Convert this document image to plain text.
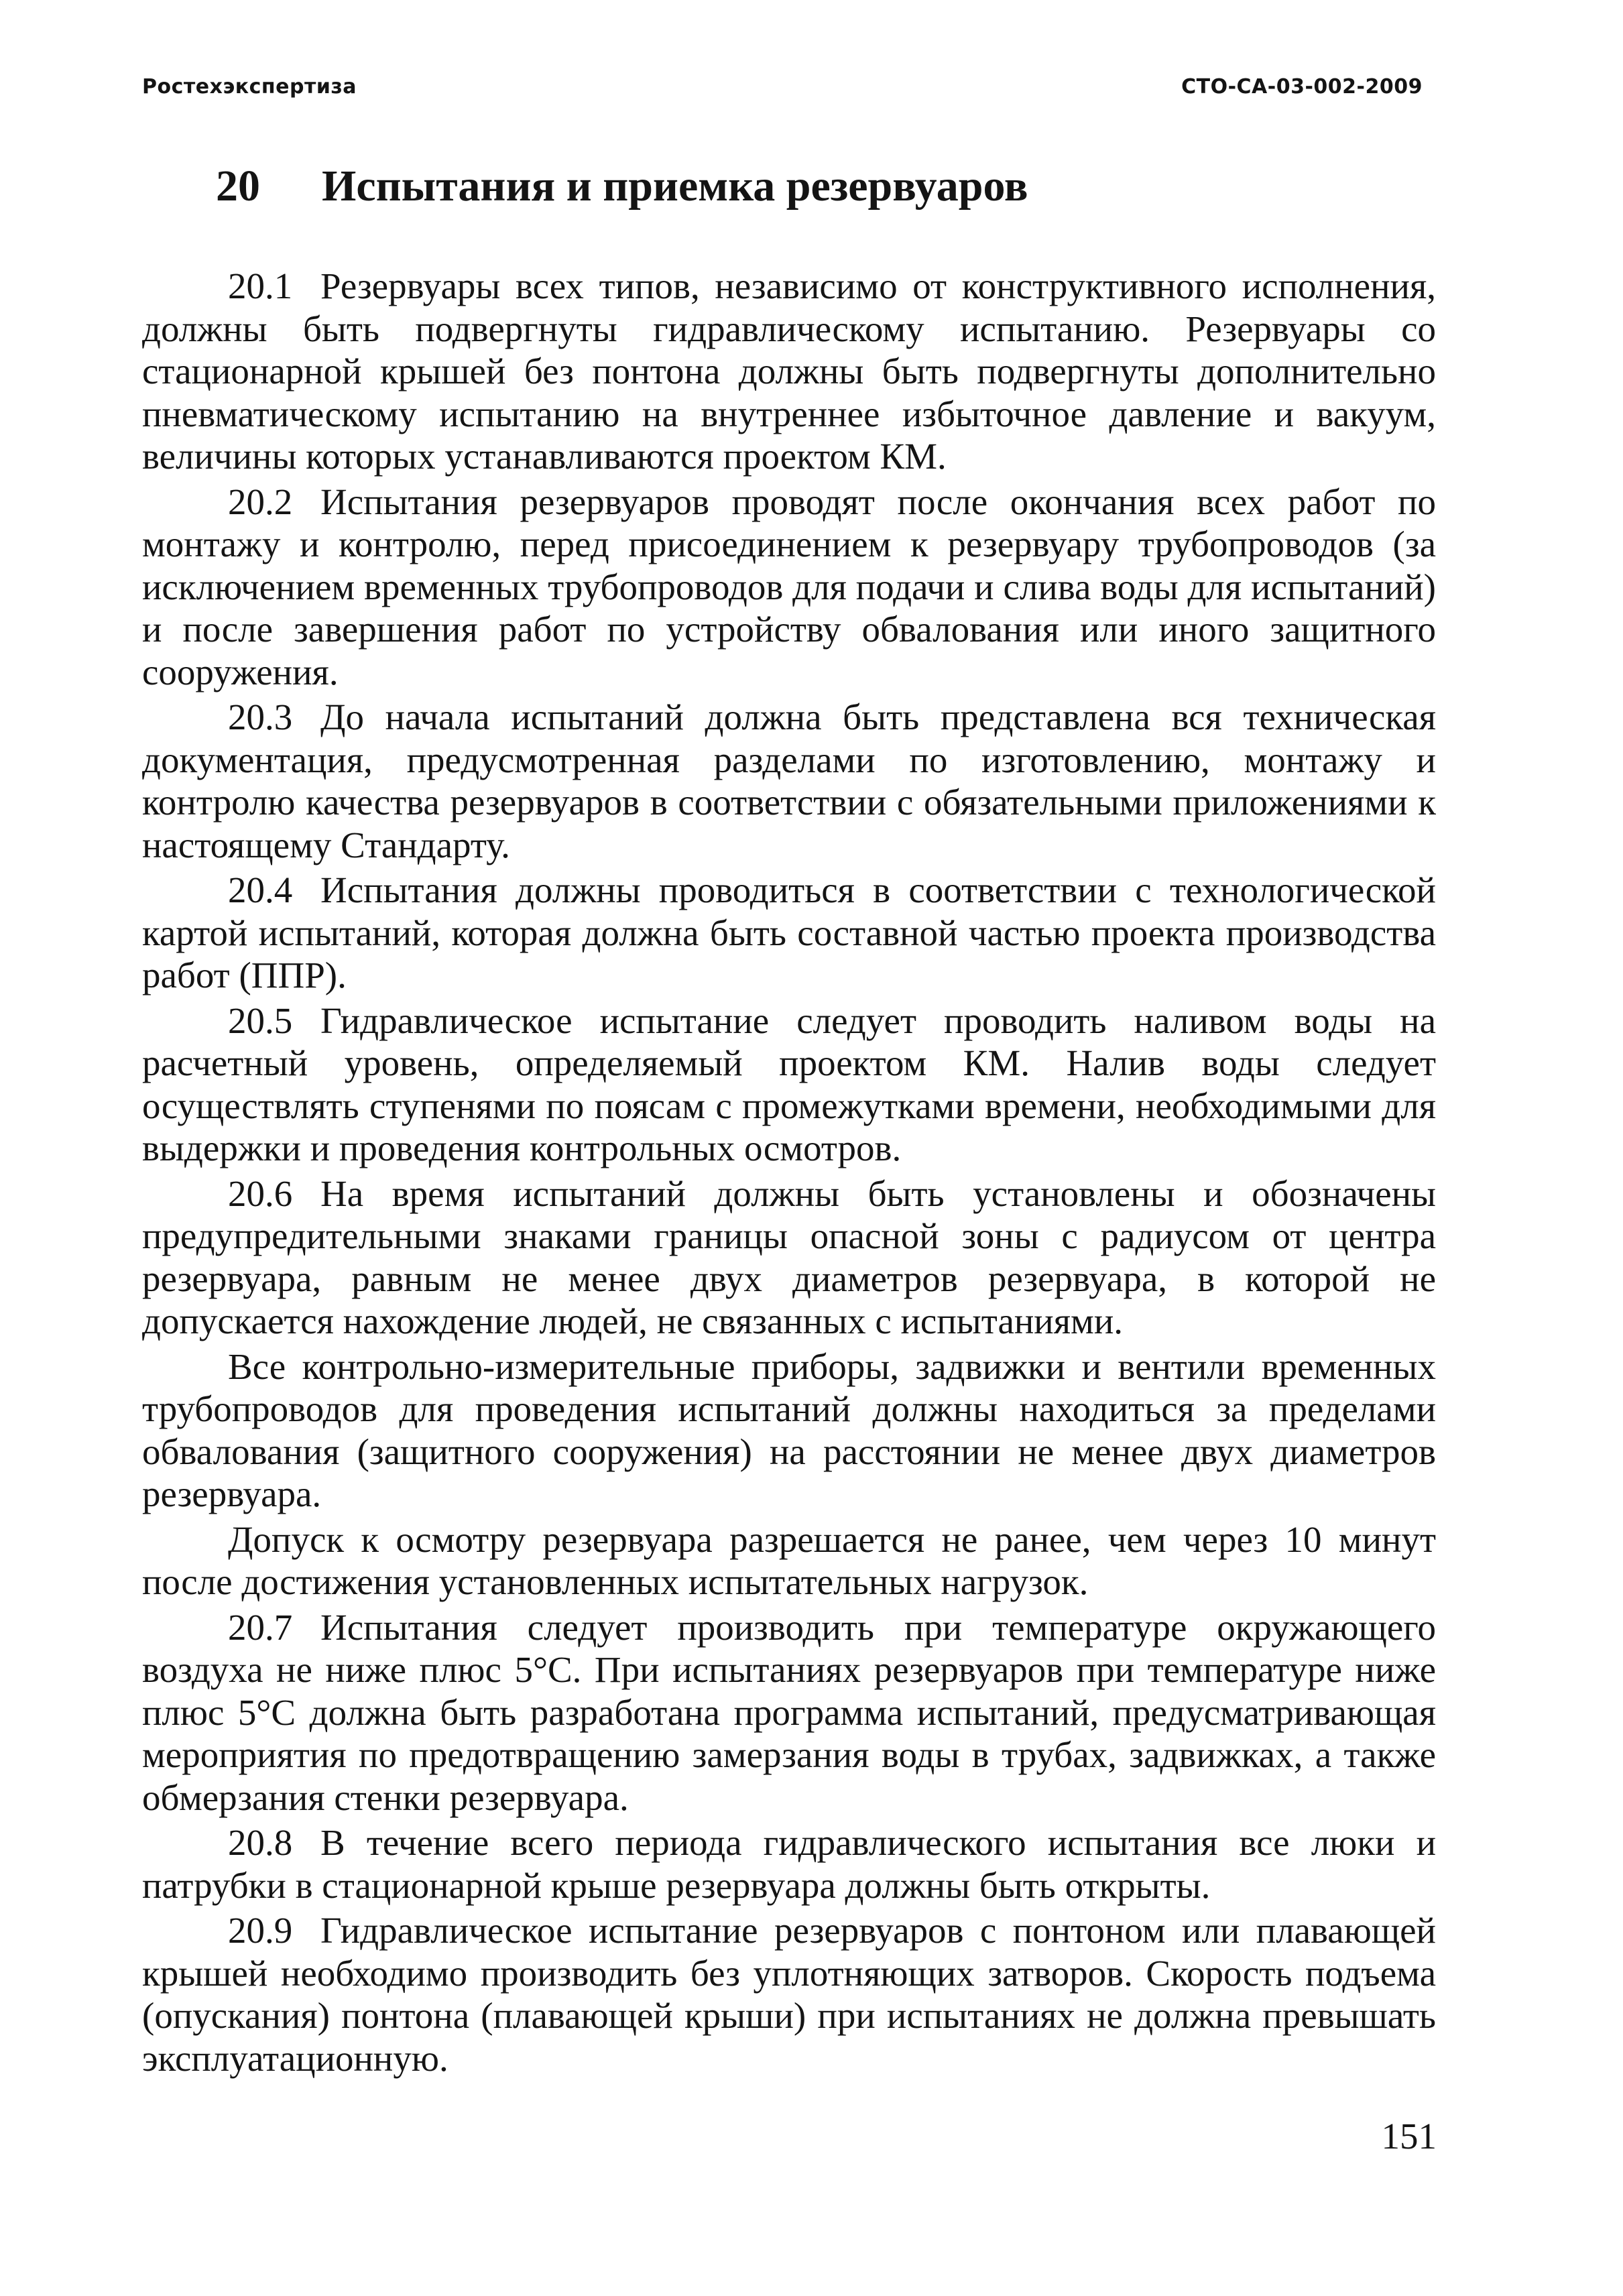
Ростехэкспертиза	СТО-СА-03-002-2009
20 Испытания и приемка резервуаров

20.1 Резервуары всех типов, независимо от конструктивного исполнения, должны быть подвергнуты гидравлическому испытанию. Резервуары со стационарной крышей без понтона должны быть подвергнуты дополнительно пневматическому испытанию на внутреннее избыточное давление и вакуум, величины которых устанавливаются проектом КМ.

20.2 Испытания резервуаров проводят после окончания всех работ по монтажу и контролю, перед присоединением к резервуару трубопроводов (за исключением временных трубопроводов для подачи и слива воды для испытаний) и после завершения работ по устройству обвалования или иного защитного сооружения.

20.3 До начала испытаний должна быть представлена вся техническая документация, предусмотренная разделами по изготовлению, монтажу и контролю качества резервуаров в соответствии с обязательными приложениями к настоящему Стандарту.

20.4 Испытания должны проводиться в соответствии с технологической картой испытаний, которая должна быть составной частью проекта производства работ (ППР).

20.5 Гидравлическое испытание следует проводить наливом воды на расчетный уровень, определяемый проектом КМ. Налив воды следует осуществлять ступенями по поясам с промежутками времени, необходимыми для выдержки и проведения контрольных осмотров.

20.6 На время испытаний должны быть установлены и обозначены предупредительными знаками границы опасной зоны с радиусом от центра резервуара, равным не менее двух диаметров резервуара, в которой не допускается нахождение людей, не связанных с испытаниями.

Все контрольно-измерительные приборы, задвижки и вентили временных трубопроводов для проведения испытаний должны находиться за пределами обвалования (защитного сооружения) на расстоянии не менее двух диаметров резервуара.

Допуск к осмотру резервуара разрешается не ранее, чем через 10 минут после достижения установленных испытательных нагрузок.

20.7 Испытания следует производить при температуре окружающего воздуха не ниже плюс 5°С. При испытаниях резервуаров при температуре ниже плюс 5°С должна быть разработана программа испытаний, предусматривающая мероприятия по предотвращению замерзания воды в трубах, задвижках, а также обмерзания стенки резервуара.

20.8 В течение всего периода гидравлического испытания все люки и патрубки в стационарной крыше резервуара должны быть открыты.

20.9 Гидравлическое испытание резервуаров с понтоном или плавающей крышей необходимо производить без уплотняющих затворов. Скорость подъема (опускания) понтона (плавающей крыши) при испытаниях не должна превышать эксплуатационную.

151
